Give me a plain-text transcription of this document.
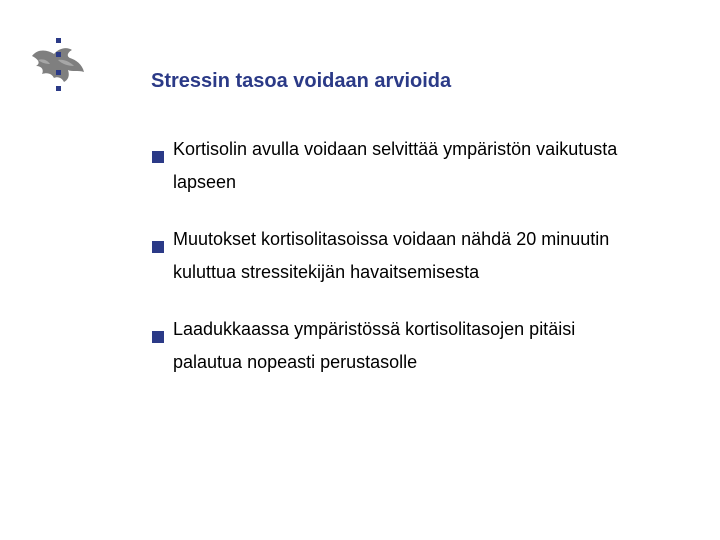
Stressin tasoa voidaan arvioida
Kortisolin avulla voidaan selvittää ympäristön vaikutusta
lapseen
Muutokset kortisolitasoissa voidaan nähdä 20 minuutin
kuluttua stressitekijän havaitsemisesta
Laadukkaassa ympäristössä kortisolitasojen pitäisi
palautua nopeasti perustasolle
